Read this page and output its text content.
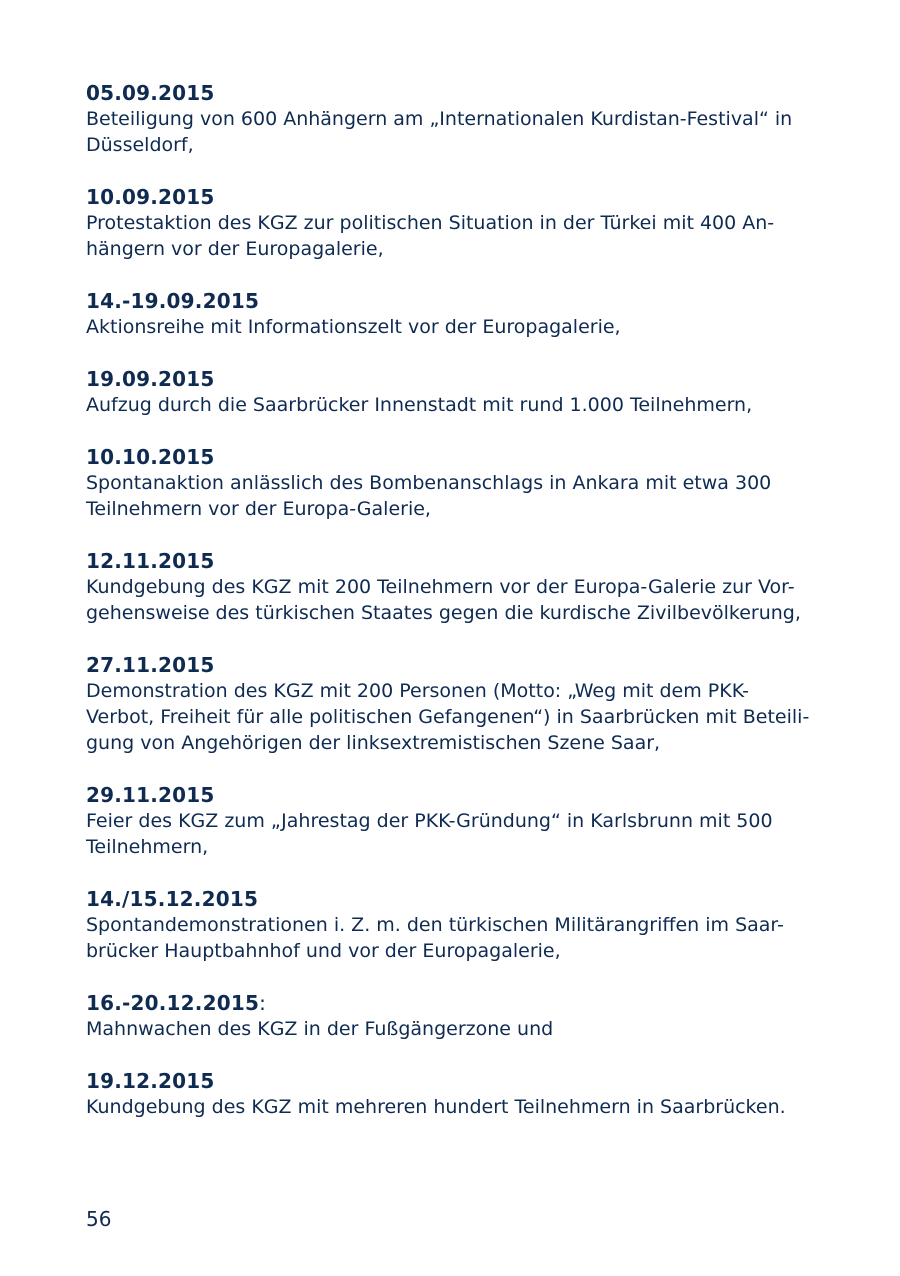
05.09.2015
Beteiligung von 600 Anhängern am „Internationalen Kurdistan-Festival“ in
Düsseldorf,
10.09.2015
Protestaktion des KGZ zur politischen Situation in der Türkei mit 400 An-
hängern vor der Europagalerie,
14.-19.09.2015
Aktionsreihe mit Informationszelt vor der Europagalerie,
19.09.2015
Aufzug durch die Saarbrücker Innenstadt mit rund 1.000 Teilnehmern,
10.10.2015
Spontanaktion anlässlich des Bombenanschlags in Ankara mit etwa 300
Teilnehmern vor der Europa-Galerie,
12.11.2015
Kundgebung des KGZ mit 200 Teilnehmern vor der Europa-Galerie zur Vor-
gehensweise des türkischen Staates gegen die kurdische Zivilbevölkerung,
27.11.2015
Demonstration des KGZ mit 200 Personen (Motto: „Weg mit dem PKK-
Verbot, Freiheit für alle politischen Gefangenen“) in Saarbrücken mit Beteili-
gung von Angehörigen der linksextremistischen Szene Saar,
29.11.2015
Feier des KGZ zum „Jahrestag der PKK-Gründung“ in Karlsbrunn mit 500
Teilnehmern,
14./15.12.2015
Spontandemonstrationen i. Z. m. den türkischen Militärangriffen im Saar-
brücker Hauptbahnhof und vor der Europagalerie,
16.-20.12.2015:
Mahnwachen des KGZ in der Fußgängerzone und
19.12.2015
Kundgebung des KGZ mit mehreren hundert Teilnehmern in Saarbrücken.
56
